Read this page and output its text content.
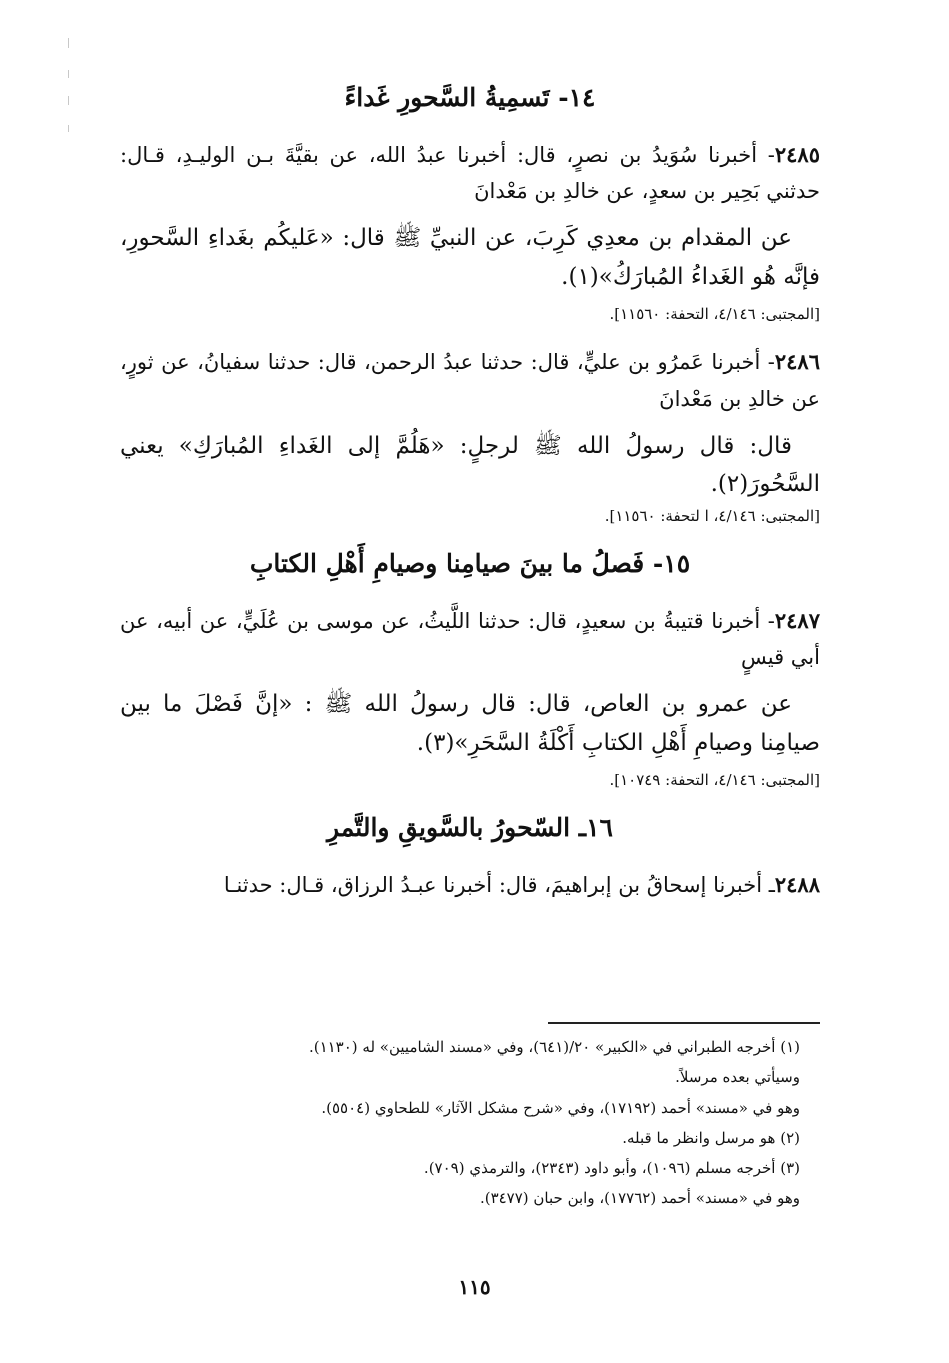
١٤- تَسمِيةُ السَّحورِ غَداءً

٢٤٨٥- أخبرنا سُوَيدُ بن نصرٍ، قال: أخبرنا عبدُ الله، عن بقيَّةَ بـن الوليـدِ، قـال: حدثني بَحِير بن سعدٍ، عن خالدِ بن مَعْدانَ

عن المقدام بن معدِي كَرِبَ، عن النبيِّ ﷺ قال: «عَليكُم بغَداءِ السَّحورِ، فإنَّه هُو الغَداءُ المُبارَكُ»(١).

[المجتبى: ٤/١٤٦، التحفة: ١١٥٦٠].

٢٤٨٦- أخبرنا عَمرُو بن عليٍّ، قال: حدثنا عبدُ الرحمن، قال: حدثنا سفيانُ، عن ثورٍ، عن خالدِ بن مَعْدانَ

قال: قال رسولُ الله ﷺ لرجلٍ: «هَلُمَّ إلى الغَداءِ المُبارَكِ» يعني السَّحُورَ(٢).

[المجتبى: ٤/١٤٦، ا لتحفة: ١١٥٦٠].

١٥- فَصلُ ما بينَ صيامِنا وصيامِ أَهْلِ الكتابِ

٢٤٨٧- أخبرنا قتيبةُ بن سعيدٍ، قال: حدثنا اللَّيثُ، عن موسى بن عُلَيٍّ، عن أبيه، عن أبي قيسٍ

عن عمرو بن العاص، قال: قال رسولُ الله ﷺ : «إنَّ فَصْلَ ما بين صيامِنا وصيامِ أَهْلِ الكتابِ أَكْلَةُ السَّحَرِ»(٣).

[المجتبى: ٤/١٤٦، التحفة: ١٠٧٤٩].

١٦ـ السّحورُ بالسَّويقِ والتَّمرِ

٢٤٨٨ـ أخبرنا إسحاقُ بن إبراهيمَ، قال: أخبرنا عبـدُ الرزاق، قـال: حدثنـا

(١) أخرجه الطبراني في «الكبير» ٢٠/(٦٤١)، وفي «مسند الشاميين» له (١١٣٠).

وسيأتي بعده مرسلاً.

وهو في «مسند» أحمد (١٧١٩٢)، وفي «شرح مشكل الآثار» للطحاوي (٥٥٠٤).

(٢) هو مرسل وانظر ما قبله.

(٣) أخرجه مسلم (١٠٩٦)، وأبو داود (٢٣٤٣)، والترمذي (٧٠٩).

وهو في «مسند» أحمد (١٧٧٦٢)، وابن حبان (٣٤٧٧).

١١٥
